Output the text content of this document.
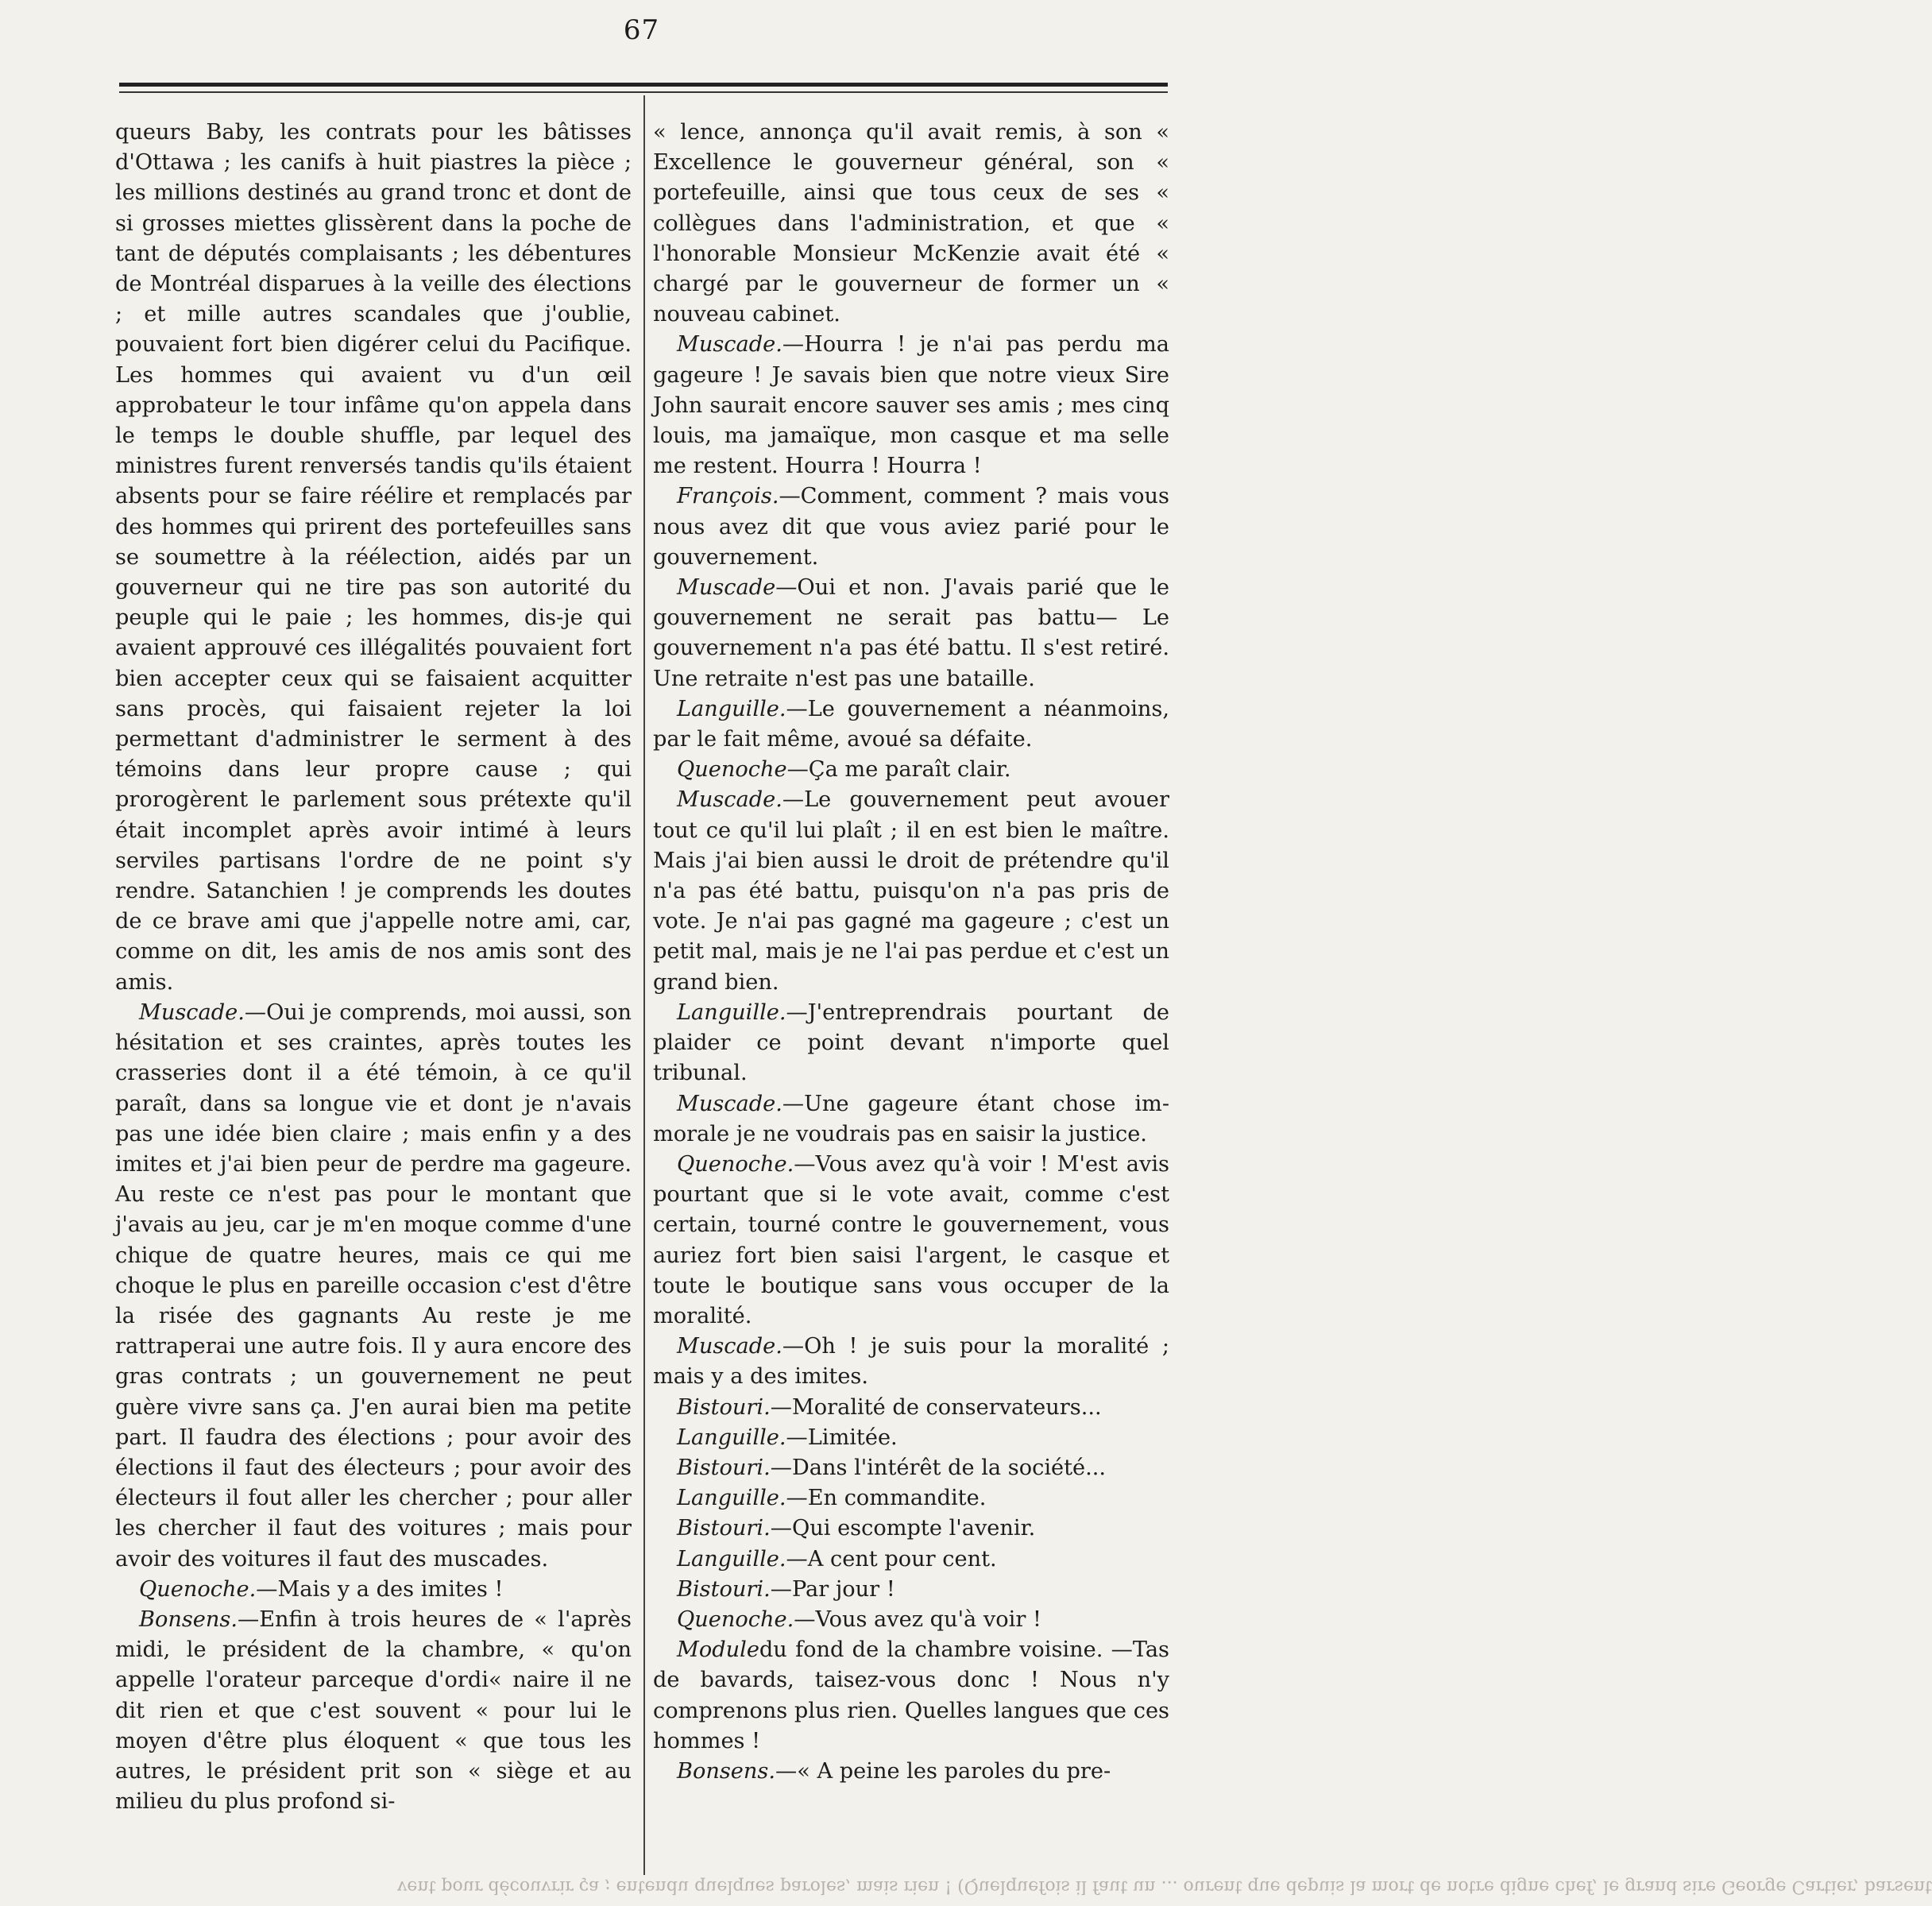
67

queurs Baby, les contrats pour les bâtisses d'Ottawa ; les canifs à huit piastres la pièce ; les millions destinés au grand tronc et dont de si grosses miettes glissèrent dans la poche de tant de députés complaisants ; les débentures de Montréal disparues à la veille des élections ; et mille autres scandales que j'oublie, pouvaient fort bien digérer celui du Pacifique. Les hommes qui avaient vu d'un œil approbateur le tour infâme qu'on appela dans le temps le double shuffle, par lequel des ministres furent renversés tandis qu'ils étaient absents pour se faire réélire et remplacés par des hommes qui prirent des portefeuilles sans se soumettre à la réélection, aidés par un gouverneur qui ne tire pas son autorité du peuple qui le paie ; les hommes, dis-je qui avaient approuvé ces illégalités pouvaient fort bien accepter ceux qui se faisaient acquitter sans procès, qui faisaient rejeter la loi permettant d'administrer le serment à des témoins dans leur propre cause ; qui prorogèrent le parlement sous prétexte qu'il était incomplet après avoir intimé à leurs serviles partisans l'ordre de ne point s'y rendre. Satanchien ! je comprends les doutes de ce brave ami que j'appelle notre ami, car, comme on dit, les amis de nos amis sont des amis.

Muscade.—Oui je comprends, moi aussi, son hésitation et ses craintes, après toutes les crasseries dont il a été témoin, à ce qu'il paraît, dans sa longue vie et dont je n'avais pas une idée bien claire ; mais enfin y a des imites et j'ai bien peur de perdre ma gageure. Au reste ce n'est pas pour le montant que j'avais au jeu, car je m'en moque comme d'une chique de quatre heures, mais ce qui me choque le plus en pareille occasion c'est d'être la risée des gagnants Au reste je me rattraperai une autre fois. Il y aura encore des gras contrats ; un gouvernement ne peut guère vivre sans ça. J'en aurai bien ma petite part. Il faudra des élections ; pour avoir des élections il faut des électeurs ; pour avoir des électeurs il fout aller les chercher ; pour aller les chercher il faut des voitures ; mais pour avoir des voitures il faut des muscades.

Quenoche.—Mais y a des imites !

Bonsens.—Enfin à trois heures de « l'après midi, le président de la chambre, « qu'on appelle l'orateur parceque d'ordi« naire il ne dit rien et que c'est souvent « pour lui le moyen d'être plus éloquent « que tous les autres, le président prit son « siège et au milieu du plus profond si-

« lence, annonça qu'il avait remis, à son « Excellence le gouverneur général, son « portefeuille, ainsi que tous ceux de ses « collègues dans l'administration, et que « l'honorable Monsieur McKenzie avait été « chargé par le gouverneur de former un « nouveau cabinet.

Muscade.—Hourra ! je n'ai pas perdu ma gageure ! Je savais bien que notre vieux Sire John saurait encore sauver ses amis ; mes cinq louis, ma jamaïque, mon casque et ma selle me restent. Hourra ! Hourra !

François.—Comment, comment ? mais vous nous avez dit que vous aviez parié pour le gouvernement.

Muscade—Oui et non. J'avais parié que le gouvernement ne serait pas battu— Le gouvernement n'a pas été battu. Il s'est retiré. Une retraite n'est pas une bataille.

Languille.—Le gouvernement a néanmoins, par le fait même, avoué sa défaite.

Quenoche—Ça me paraît clair.

Muscade.—Le gouvernement peut avouer tout ce qu'il lui plaît ; il en est bien le maître. Mais j'ai bien aussi le droit de prétendre qu'il n'a pas été battu, puisqu'on n'a pas pris de vote. Je n'ai pas gagné ma gageure ; c'est un petit mal, mais je ne l'ai pas perdue et c'est un grand bien.

Languille.—J'entreprendrais pourtant de plaider ce point devant n'importe quel tribunal.

Muscade.—Une gageure étant chose immorale je ne voudrais pas en saisir la justice.

Quenoche.—Vous avez qu'à voir ! M'est avis pourtant que si le vote avait, comme c'est certain, tourné contre le gouvernement, vous auriez fort bien saisi l'argent, le casque et toute le boutique sans vous occuper de la moralité.

Muscade.—Oh ! je suis pour la moralité ; mais y a des imites.

Bistouri.—Moralité de conservateurs...

Languille.—Limitée.

Bistouri.—Dans l'intérêt de la société...

Languille.—En commandite.

Bistouri.—Qui escompte l'avenir.

Languille.—A cent pour cent.

Bistouri.—Par jour !

Quenoche.—Vous avez qu'à voir !

Moduledu fond de la chambre voisine. —Tas de bavards, taisez-vous donc ! Nous n'y comprenons plus rien. Quelles langues que ces hommes !

Bonsens.—« A peine les paroles du pre-

vent pour découvrir ça ; entendu quelques paroles, mais rien ! (Quelquefois il faut un ... ourent que depuis la mort de notre digne chef, le grand sire George Cartier, barsent
